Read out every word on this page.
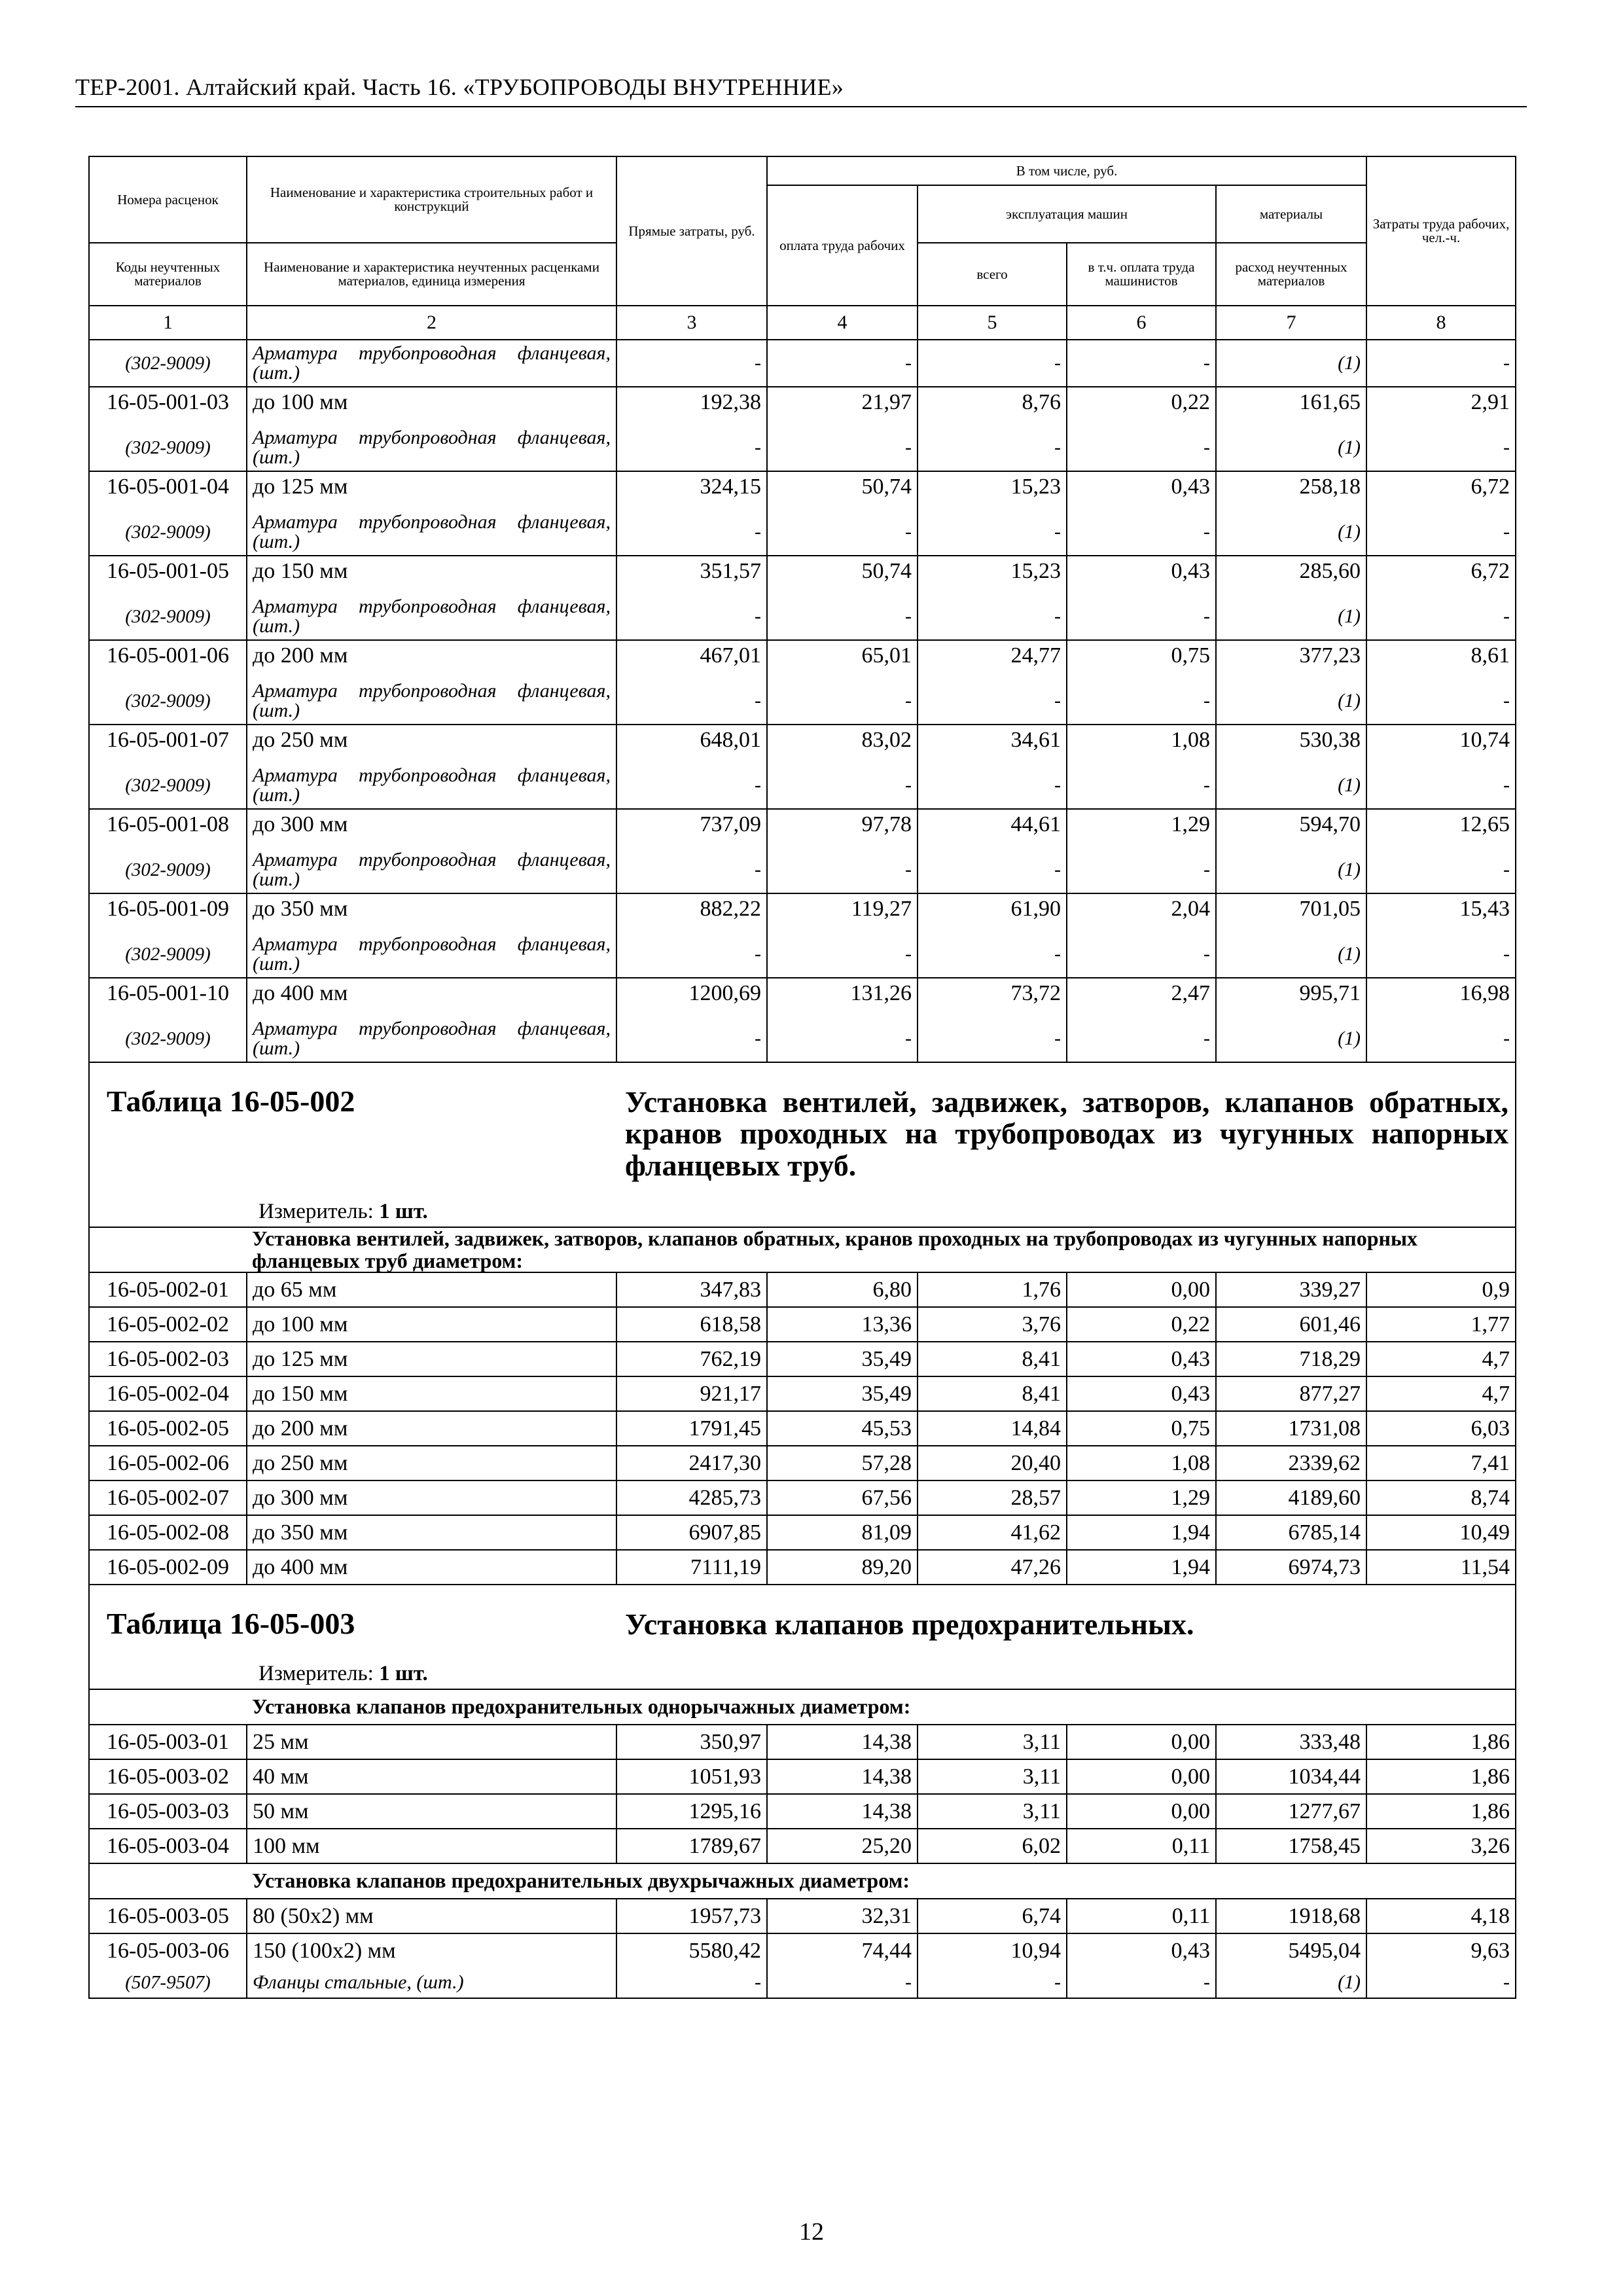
ТЕР-2001. Алтайский край. Часть 16. «ТРУБОПРОВОДЫ ВНУТРЕННИЕ»
Номера расценок	Наименование и характеристика строительных работ и конструкций	Прямые затраты, руб.	В том числе, руб.				Затраты труда рабочих, чел.-ч.
			оплата труда рабочих	эксплуатация машин		материалы	
Коды неучтенных материалов	Наименование и характеристика неучтенных расценками материалов, единица измерения			всего	в т.ч. оплата труда машинистов	расход неучтенных материалов	
1	2	3	4	5	6	7	8
(302-9009)	Арматура трубопроводная фланцевая, (шт.)	-	-	-	-	(1)	-
16-05-001-03	до 100 мм	192,38	21,97	8,76	0,22	161,65	2,91
(302-9009)	Арматура трубопроводная фланцевая, (шт.)	-	-	-	-	(1)	-
16-05-001-04	до 125 мм	324,15	50,74	15,23	0,43	258,18	6,72
(302-9009)	Арматура трубопроводная фланцевая, (шт.)	-	-	-	-	(1)	-
16-05-001-05	до 150 мм	351,57	50,74	15,23	0,43	285,60	6,72
(302-9009)	Арматура трубопроводная фланцевая, (шт.)	-	-	-	-	(1)	-
16-05-001-06	до 200 мм	467,01	65,01	24,77	0,75	377,23	8,61
(302-9009)	Арматура трубопроводная фланцевая, (шт.)	-	-	-	-	(1)	-
16-05-001-07	до 250 мм	648,01	83,02	34,61	1,08	530,38	10,74
(302-9009)	Арматура трубопроводная фланцевая, (шт.)	-	-	-	-	(1)	-
16-05-001-08	до 300 мм	737,09	97,78	44,61	1,29	594,70	12,65
(302-9009)	Арматура трубопроводная фланцевая, (шт.)	-	-	-	-	(1)	-
16-05-001-09	до 350 мм	882,22	119,27	61,90	2,04	701,05	15,43
(302-9009)	Арматура трубопроводная фланцевая, (шт.)	-	-	-	-	(1)	-
16-05-001-10	до 400 мм	1200,69	131,26	73,72	2,47	995,71	16,98
(302-9009)	Арматура трубопроводная фланцевая, (шт.)	-	-	-	-	(1)	-

Таблица 16-05-002 Установка вентилей, задвижек, затворов, клапанов обратных, кранов проходных на трубопроводах из чугунных напорных фланцевых труб.
Измеритель: 1 шт.							

	Установка вентилей, задвижек, затворов, клапанов обратных, кранов проходных на трубопроводах из чугунных напорных фланцевых труб диаметром:						
16-05-002-01	до 65 мм	347,83	6,80	1,76	0,00	339,27	0,9
16-05-002-02	до 100 мм	618,58	13,36	3,76	0,22	601,46	1,77
16-05-002-03	до 125 мм	762,19	35,49	8,41	0,43	718,29	4,7
16-05-002-04	до 150 мм	921,17	35,49	8,41	0,43	877,27	4,7
16-05-002-05	до 200 мм	1791,45	45,53	14,84	0,75	1731,08	6,03
16-05-002-06	до 250 мм	2417,30	57,28	20,40	1,08	2339,62	7,41
16-05-002-07	до 300 мм	4285,73	67,56	28,57	1,29	4189,60	8,74
16-05-002-08	до 350 мм	6907,85	81,09	41,62	1,94	6785,14	10,49
16-05-002-09	до 400 мм	7111,19	89,20	47,26	1,94	6974,73	11,54

Таблица 16-05-003 Установка клапанов предохранительных.
Измеритель: 1 шт.							

	Установка клапанов предохранительных однорычажных диаметром:						
16-05-003-01	25 мм	350,97	14,38	3,11	0,00	333,48	1,86
16-05-003-02	40 мм	1051,93	14,38	3,11	0,00	1034,44	1,86
16-05-003-03	50 мм	1295,16	14,38	3,11	0,00	1277,67	1,86
16-05-003-04	100 мм	1789,67	25,20	6,02	0,11	1758,45	3,26
	Установка клапанов предохранительных двухрычажных диаметром:						
16-05-003-05	80 (50х2) мм	1957,73	32,31	6,74	0,11	1918,68	4,18
16-05-003-06	150 (100х2) мм	5580,42	74,44	10,94	0,43	5495,04	9,63
(507-9507)	Фланцы стальные, (шт.)	-	-	-	-	(1)	-
12
